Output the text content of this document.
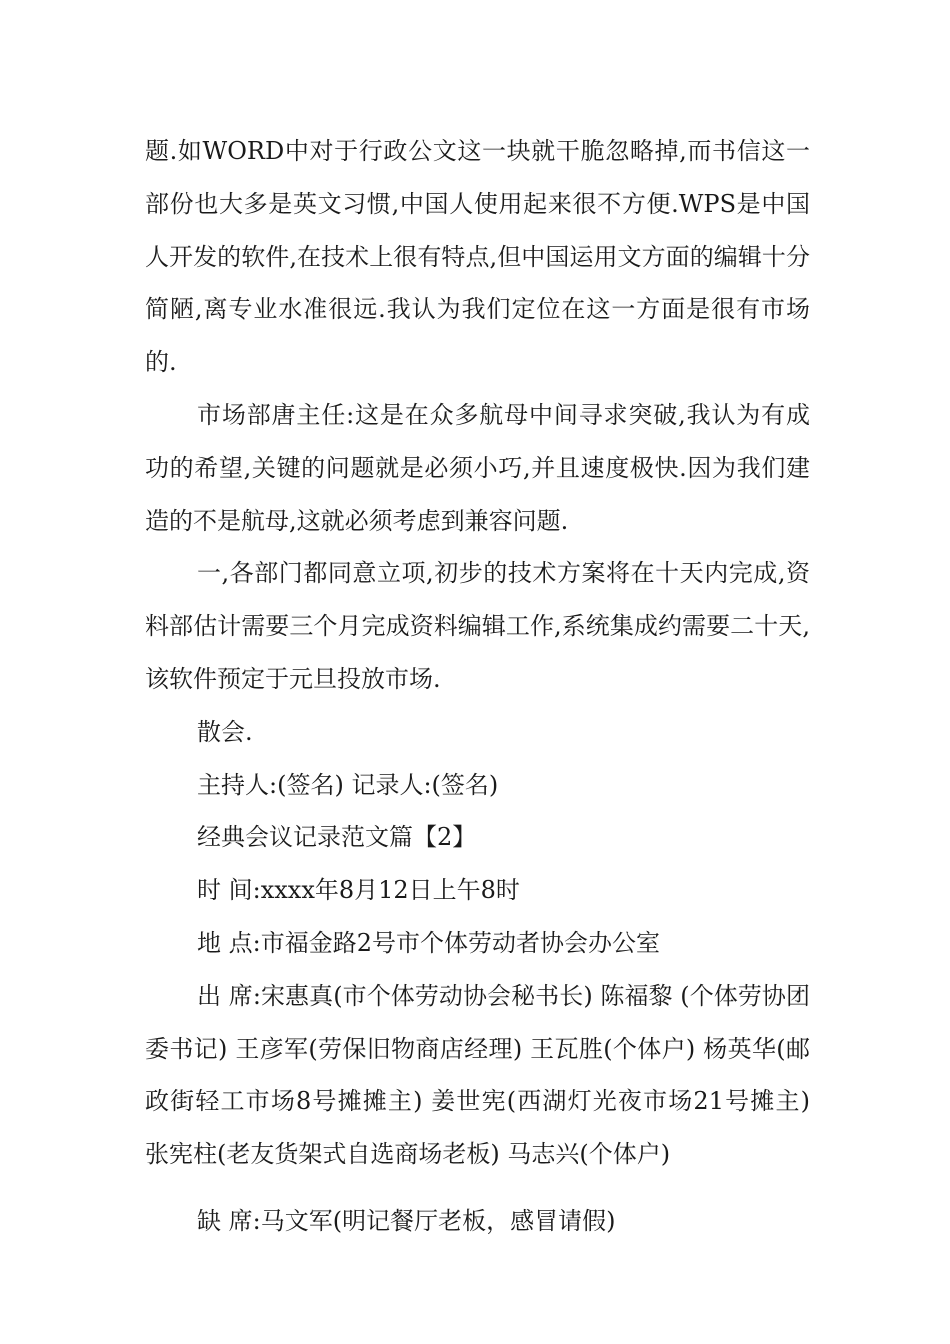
题.如WORD中对于行政公文这一块就干脆忽略掉,而书信这一部份也大多是英文习惯,中国人使用起来很不方便.WPS是中国人开发的软件,在技术上很有特点,但中国运用文方面的编辑十分简陋,离专业水准很远.我认为我们定位在这一方面是很有市场的.

市场部唐主任:这是在众多航母中间寻求突破,我认为有成功的希望,关键的问题就是必须小巧,并且速度极快.因为我们建造的不是航母,这就必须考虑到兼容问题.

一,各部门都同意立项,初步的技术方案将在十天内完成,资料部估计需要三个月完成资料编辑工作,系统集成约需要二十天,该软件预定于元旦投放市场.

散会.

主持人:(签名) 记录人:(签名)

经典会议记录范文篇【2】

时 间:xxxx年8月12日上午8时

地 点:市福金路2号市个体劳动者协会办公室

出 席:宋惠真(市个体劳动协会秘书长) 陈福黎 (个体劳协团委书记) 王彦军(劳保旧物商店经理) 王瓦胜(个体户) 杨英华(邮政街轻工市场8号摊摊主) 姜世宪(西湖灯光夜市场21号摊主) 张宪柱(老友货架式自选商场老板) 马志兴(个体户)

缺 席:马文军(明记餐厅老板，感冒请假)
